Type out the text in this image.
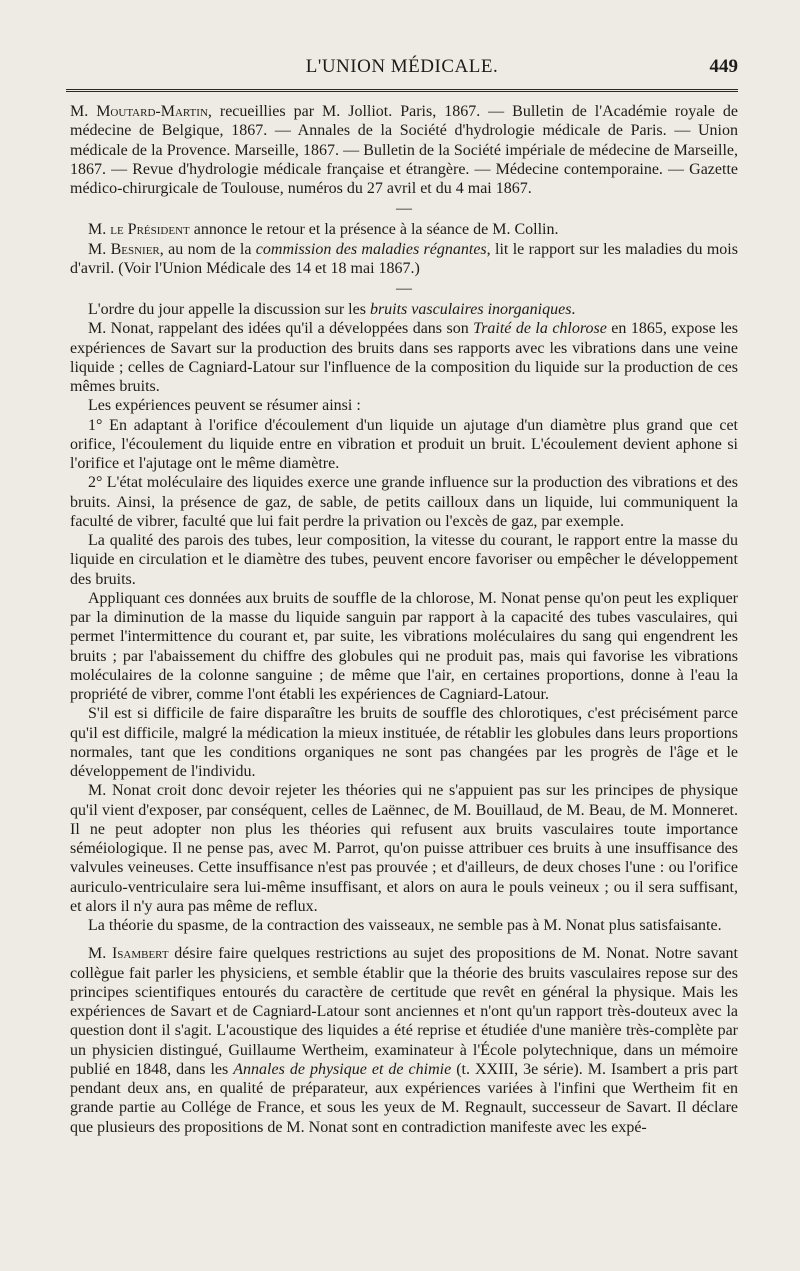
L'UNION MÉDICALE.	449

M. Moutard-Martin, recueillies par M. Jolliot. Paris, 1867. — Bulletin de l'Académie royale de médecine de Belgique, 1867. — Annales de la Société d'hydrologie médicale de Paris. — Union médicale de la Provence. Marseille, 1867. — Bulletin de la Société impériale de médecine de Marseille, 1867. — Revue d'hydrologie médicale française et étrangère. — Médecine contemporaine. — Gazette médico-chirurgicale de Toulouse, numéros du 27 avril et du 4 mai 1867.

—

M. le Président annonce le retour et la présence à la séance de M. Collin.

M. Besnier, au nom de la commission des maladies régnantes, lit le rapport sur les maladies du mois d'avril. (Voir l'Union Médicale des 14 et 18 mai 1867.)

—

L'ordre du jour appelle la discussion sur les bruits vasculaires inorganiques.

M. Nonat, rappelant des idées qu'il a développées dans son Traité de la chlorose en 1865, expose les expériences de Savart sur la production des bruits dans ses rapports avec les vibrations dans une veine liquide ; celles de Cagniard-Latour sur l'influence de la composition du liquide sur la production de ces mêmes bruits.

Les expériences peuvent se résumer ainsi :

1° En adaptant à l'orifice d'écoulement d'un liquide un ajutage d'un diamètre plus grand que cet orifice, l'écoulement du liquide entre en vibration et produit un bruit. L'écoulement devient aphone si l'orifice et l'ajutage ont le même diamètre.

2° L'état moléculaire des liquides exerce une grande influence sur la production des vibrations et des bruits. Ainsi, la présence de gaz, de sable, de petits cailloux dans un liquide, lui communiquent la faculté de vibrer, faculté que lui fait perdre la privation ou l'excès de gaz, par exemple.

La qualité des parois des tubes, leur composition, la vitesse du courant, le rapport entre la masse du liquide en circulation et le diamètre des tubes, peuvent encore favoriser ou empêcher le développement des bruits.

Appliquant ces données aux bruits de souffle de la chlorose, M. Nonat pense qu'on peut les expliquer par la diminution de la masse du liquide sanguin par rapport à la capacité des tubes vasculaires, qui permet l'intermittence du courant et, par suite, les vibrations moléculaires du sang qui engendrent les bruits ; par l'abaissement du chiffre des globules qui ne produit pas, mais qui favorise les vibrations moléculaires de la colonne sanguine ; de même que l'air, en certaines proportions, donne à l'eau la propriété de vibrer, comme l'ont établi les expériences de Cagniard-Latour.

S'il est si difficile de faire disparaître les bruits de souffle des chlorotiques, c'est précisément parce qu'il est difficile, malgré la médication la mieux instituée, de rétablir les globules dans leurs proportions normales, tant que les conditions organiques ne sont pas changées par les progrès de l'âge et le développement de l'individu.

M. Nonat croit donc devoir rejeter les théories qui ne s'appuient pas sur les principes de physique qu'il vient d'exposer, par conséquent, celles de Laënnec, de M. Bouillaud, de M. Beau, de M. Monneret. Il ne peut adopter non plus les théories qui refusent aux bruits vasculaires toute importance séméiologique. Il ne pense pas, avec M. Parrot, qu'on puisse attribuer ces bruits à une insuffisance des valvules veineuses. Cette insuffisance n'est pas prouvée ; et d'ailleurs, de deux choses l'une : ou l'orifice auriculo-ventriculaire sera lui-même insuffisant, et alors on aura le pouls veineux ; ou il sera suffisant, et alors il n'y aura pas même de reflux.

La théorie du spasme, de la contraction des vaisseaux, ne semble pas à M. Nonat plus satisfaisante.

M. Isambert désire faire quelques restrictions au sujet des propositions de M. Nonat. Notre savant collègue fait parler les physiciens, et semble établir que la théorie des bruits vasculaires repose sur des principes scientifiques entourés du caractère de certitude que revêt en général la physique. Mais les expériences de Savart et de Cagniard-Latour sont anciennes et n'ont qu'un rapport très-douteux avec la question dont il s'agit. L'acoustique des liquides a été reprise et étudiée d'une manière très-complète par un physicien distingué, Guillaume Wertheim, examinateur à l'École polytechnique, dans un mémoire publié en 1848, dans les Annales de physique et de chimie (t. XXIII, 3e série). M. Isambert a pris part pendant deux ans, en qualité de préparateur, aux expériences variées à l'infini que Wertheim fit en grande partie au Collége de France, et sous les yeux de M. Regnault, successeur de Savart. Il déclare que plusieurs des propositions de M. Nonat sont en contradiction manifeste avec les expé-
